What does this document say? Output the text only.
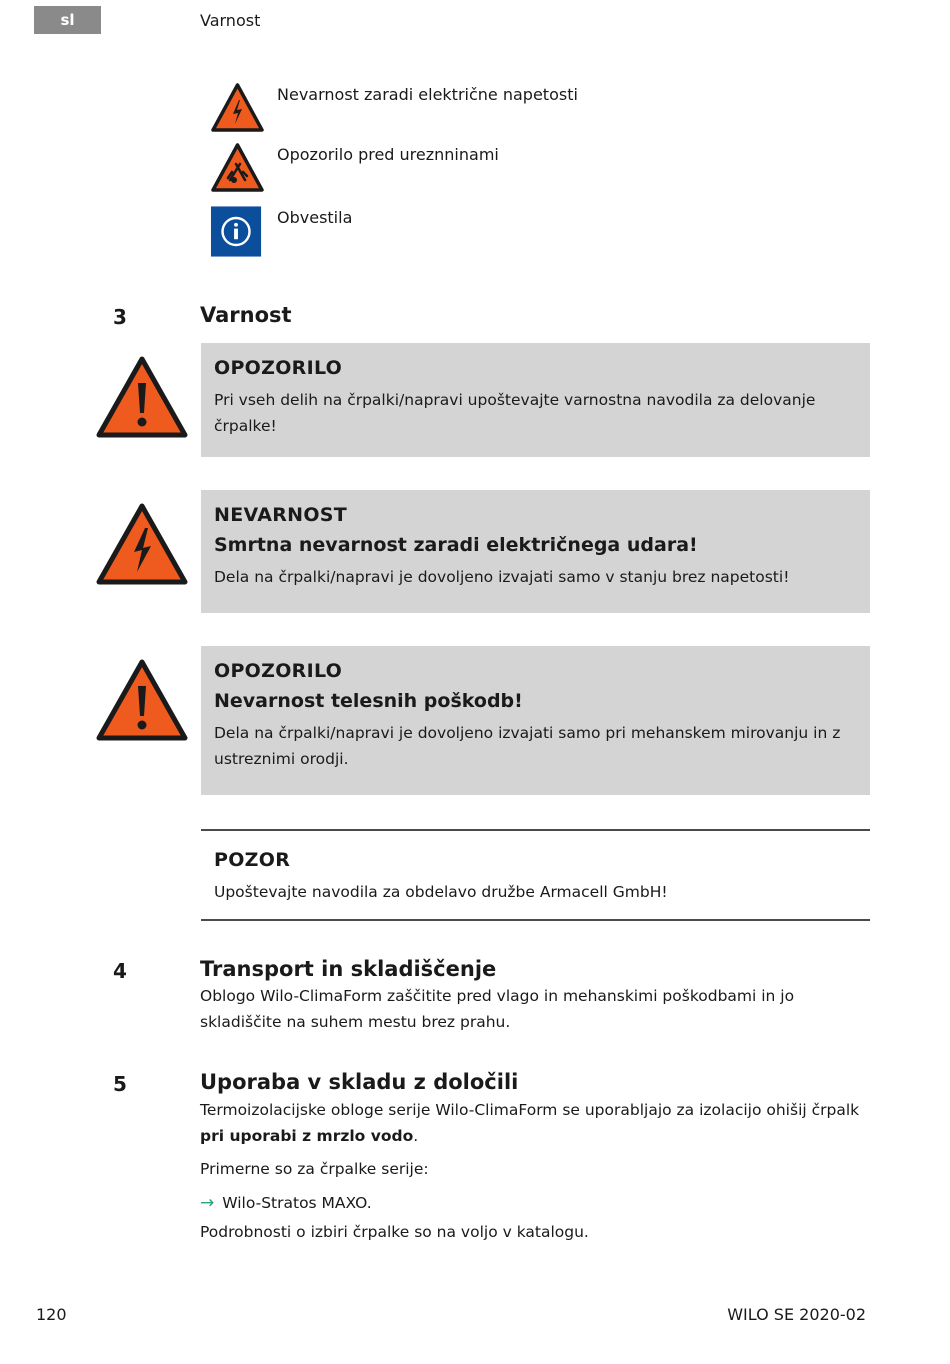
sl	Varnost
Nevarnost zaradi električne napetosti
Opozorilo pred ureznninami
Obvestila
3	Varnost
OPOZORILO
Pri vseh delih na črpalki/napravi upoštevajte varnostna navodila za delovanje črpalke!
NEVARNOST
Smrtna nevarnost zaradi električnega udara!
Dela na črpalki/napravi je dovoljeno izvajati samo v stanju brez napetosti!
OPOZORILO
Nevarnost telesnih poškodb!
Dela na črpalki/napravi je dovoljeno izvajati samo pri mehanskem mirovanju in z ustreznimi orodji.
POZOR
Upoštevajte navodila za obdelavo družbe Armacell GmbH!
4	Transport in skladiščenje
Oblogo Wilo-ClimaForm zaščitite pred vlago in mehanskimi poškodbami in jo skladiščite na suhem mestu brez prahu.
5	Uporaba v skladu z določili
Termoizolacijske obloge serije Wilo-ClimaForm se uporabljajo za izolacijo ohišij črpalk pri uporabi z mrzlo vodo.
Primerne so za črpalke serije:
→ Wilo-Stratos MAXO.
Podrobnosti o izbiri črpalke so na voljo v katalogu.
120	WILO SE 2020-02
